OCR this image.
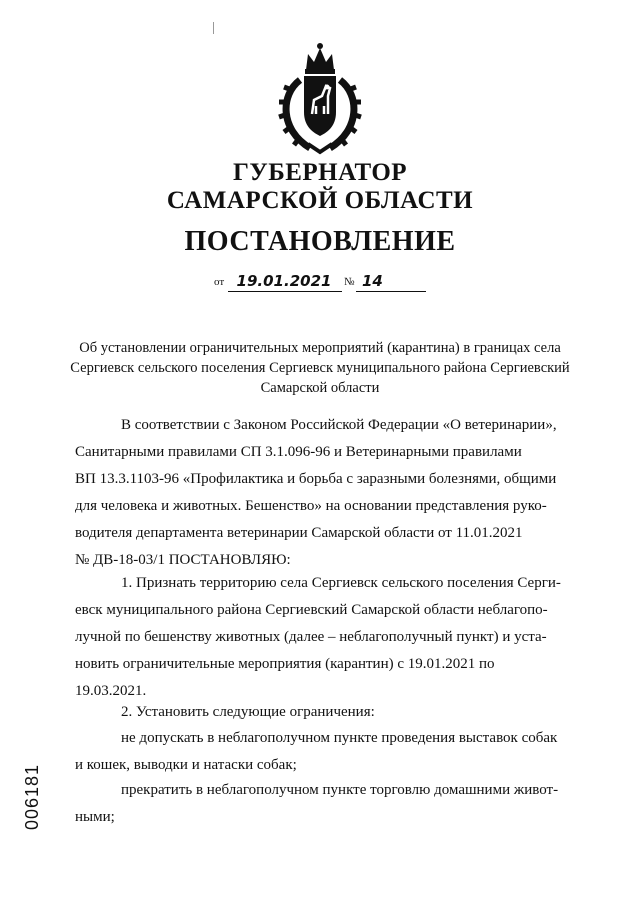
ГУБЕРНАТОР
САМАРСКОЙ ОБЛАСТИ
ПОСТАНОВЛЕНИЕ
от 19.01.2021	№ 14
Об установлении ограничительных мероприятий (карантина) в границах села Сергиевск сельского поселения Сергиевск муниципального района Сергиевский Самарской области
В соответствии с Законом Российской Федерации «О ветеринарии»,
Санитарными правилами СП 3.1.096-96 и Ветеринарными правилами
ВП 13.3.1103-96 «Профилактика и борьба с заразными болезнями, общими
для человека и животных. Бешенство» на основании представления руко-
водителя департамента ветеринарии Самарской области от 11.01.2021
№ ДВ-18-03/1 ПОСТАНОВЛЯЮ:
1. Признать территорию села Сергиевск сельского поселения Серги-
евск муниципального района Сергиевский Самарской области неблагопо-
лучной по бешенству животных (далее – неблагополучный пункт) и уста-
новить ограничительные мероприятия (карантин) с 19.01.2021 по
19.03.2021.
2. Установить следующие ограничения:
не допускать в неблагополучном пункте проведения выставок собак
и кошек, выводки и натаски собак;
прекратить в неблагополучном пункте торговлю домашними живот-
ными;
006181
